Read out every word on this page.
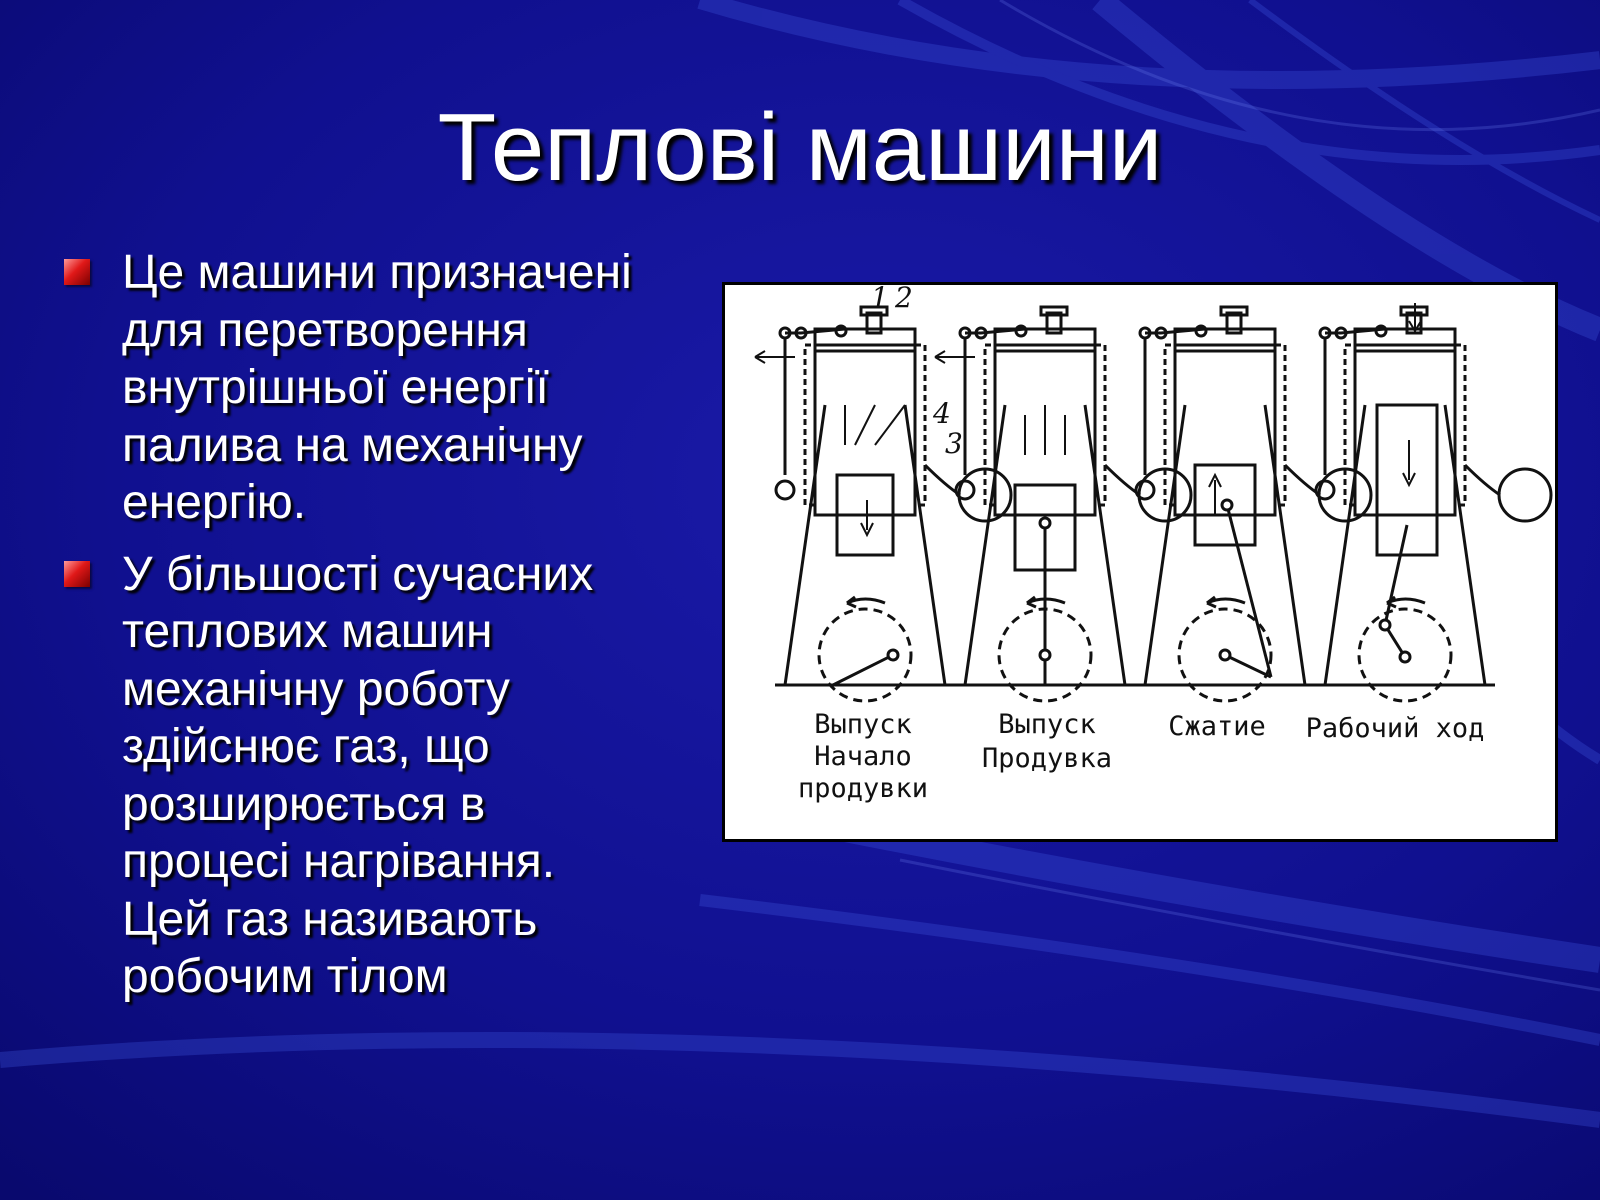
Теплові машини
Це машини призначені
для перетворення
внутрішньої енергії
палива на механічну
енергію.
У більшості сучасних
теплових машин
механічну роботу
здійснює газ, що
розширюється в
процесі нагрівання.
Цей газ називають
робочим тілом
1 2
3
4
Выпуск
Начало
продувки
Выпуск
Продувка
Сжатие Рабочий ход
